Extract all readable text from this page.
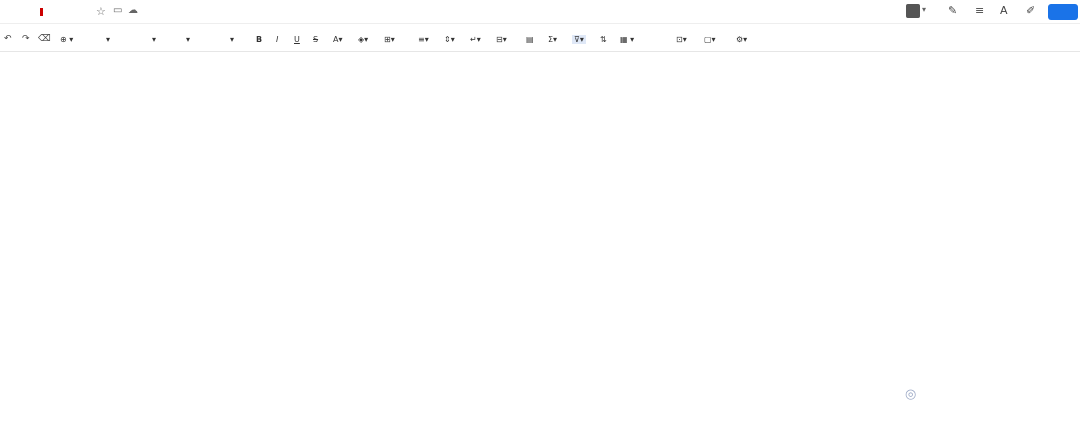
☆ ▭ ☁	▾ ✎ ≡ A ✐
↶ ↷ ⌫ ⊕ ▾	▾	▾	▾	▾	B I U S A▾ ◈▾ ⊞▾	≡▾ ⇕▾ ↵▾ ⊟▾ ▤ Σ▾ ⊽▾ ⇅ ▦ ▾	⊡▾ ▢▾	⚙▾
◎
